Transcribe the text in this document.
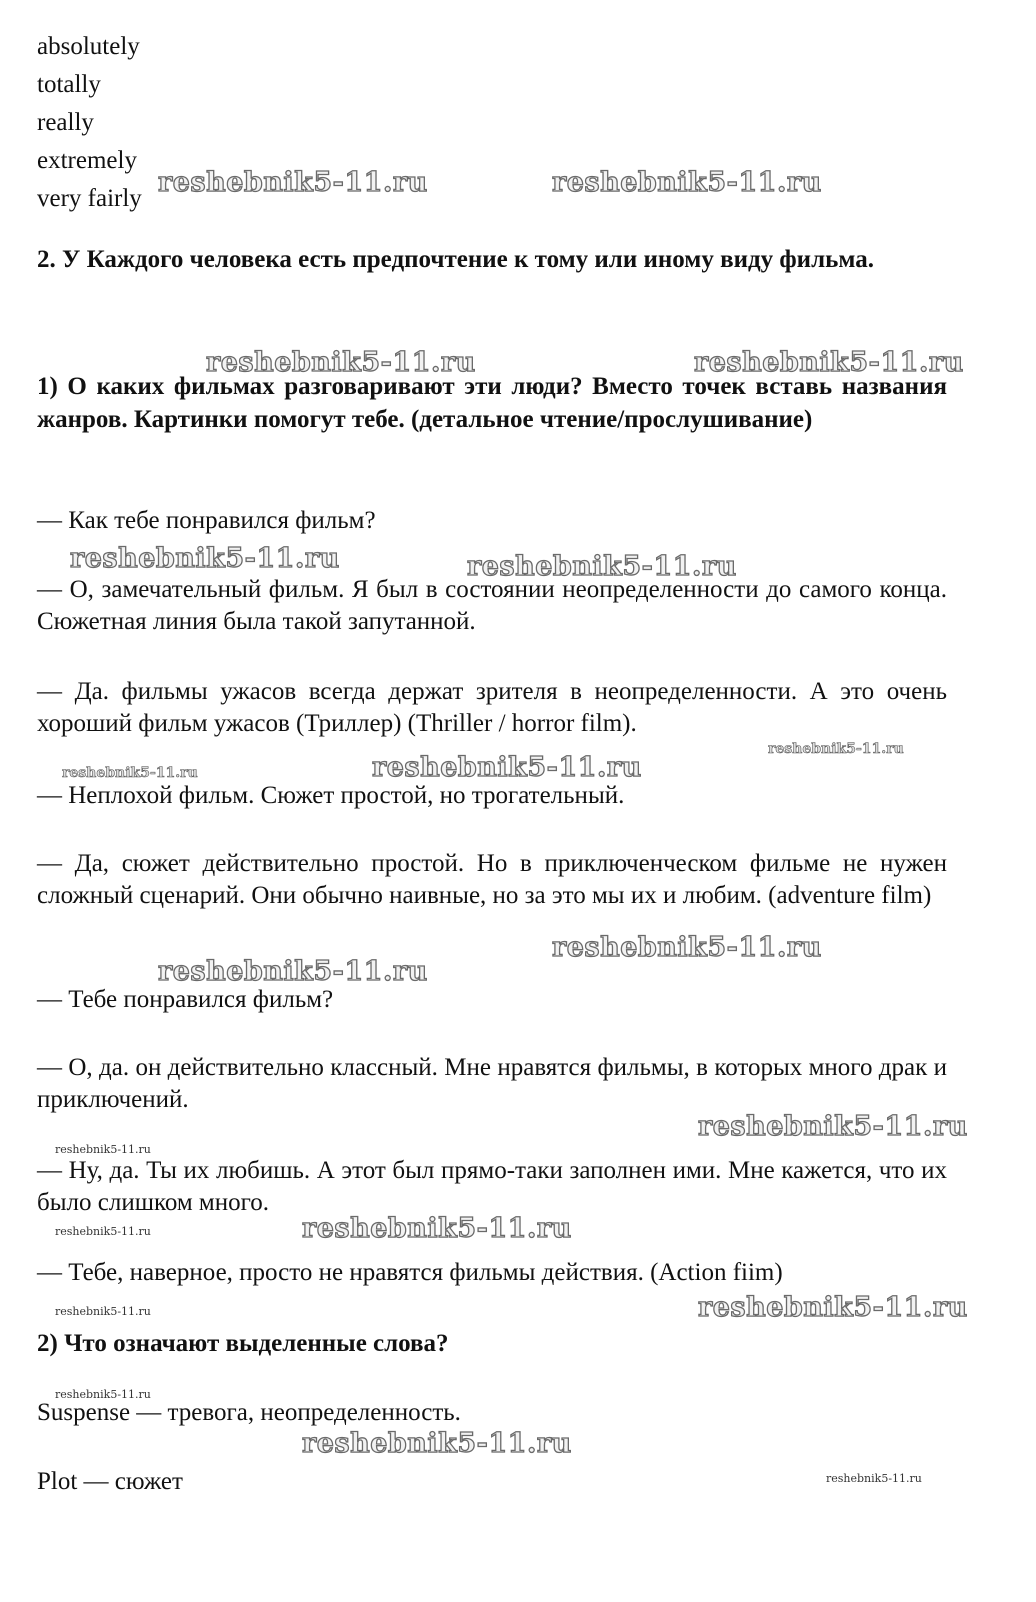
absolutely

totally

really

extremely

very fairly

2. У Каждого человека есть предпочтение к тому или иному виду фильма.

1) О каких фильмах разговаривают эти люди? Вместо точек вставь названия жанров. Картинки помогут тебе. (детальное чтение/прослушивание)

— Как тебе понравился фильм?

— О, замечательный фильм. Я был в состоянии неопределенности до самого конца. Сюжетная линия была такой запутанной.

— Да. фильмы ужасов всегда держат зрителя в неопределенности. А это очень хороший фильм ужасов (Триллер) (Thriller / horror film).

— Неплохой фильм. Сюжет простой, но трогательный.

— Да, сюжет действительно простой. Но в приключенческом фильме не нужен сложный сценарий. Они обычно наивные, но за это мы их и любим. (adventure film)

— Тебе понравился фильм?

— О, да. он действительно классный. Мне нравятся фильмы, в которых много драк и приключений.

— Ну, да. Ты их любишь. А этот был прямо-таки заполнен ими. Мне кажется, что их было слишком много.

— Тебе, наверное, просто не нравятся фильмы действия. (Action fiim)

2) Что означают выделенные слова?

Suspense — тревога, неопределенность.

Plot — сюжет

reshebnik5-11.ru	reshebnik5-11.ru
reshebnik5-11.ru	reshebnik5-11.ru
reshebnik5-11.ru	reshebnik5-11.ru
reshebnik5-11.ru
reshebnik5-11.ru	reshebnik5-11.ru
reshebnik5-11.ru
reshebnik5-11.ru
reshebnik5-11.ru
reshebnik5-11.ru
reshebnik5-11.ru	reshebnik5-11.ru
reshebnik5-11.ru
reshebnik5-11.ru
reshebnik5-11.ru
reshebnik5-11.ru
reshebnik5-11.ru
